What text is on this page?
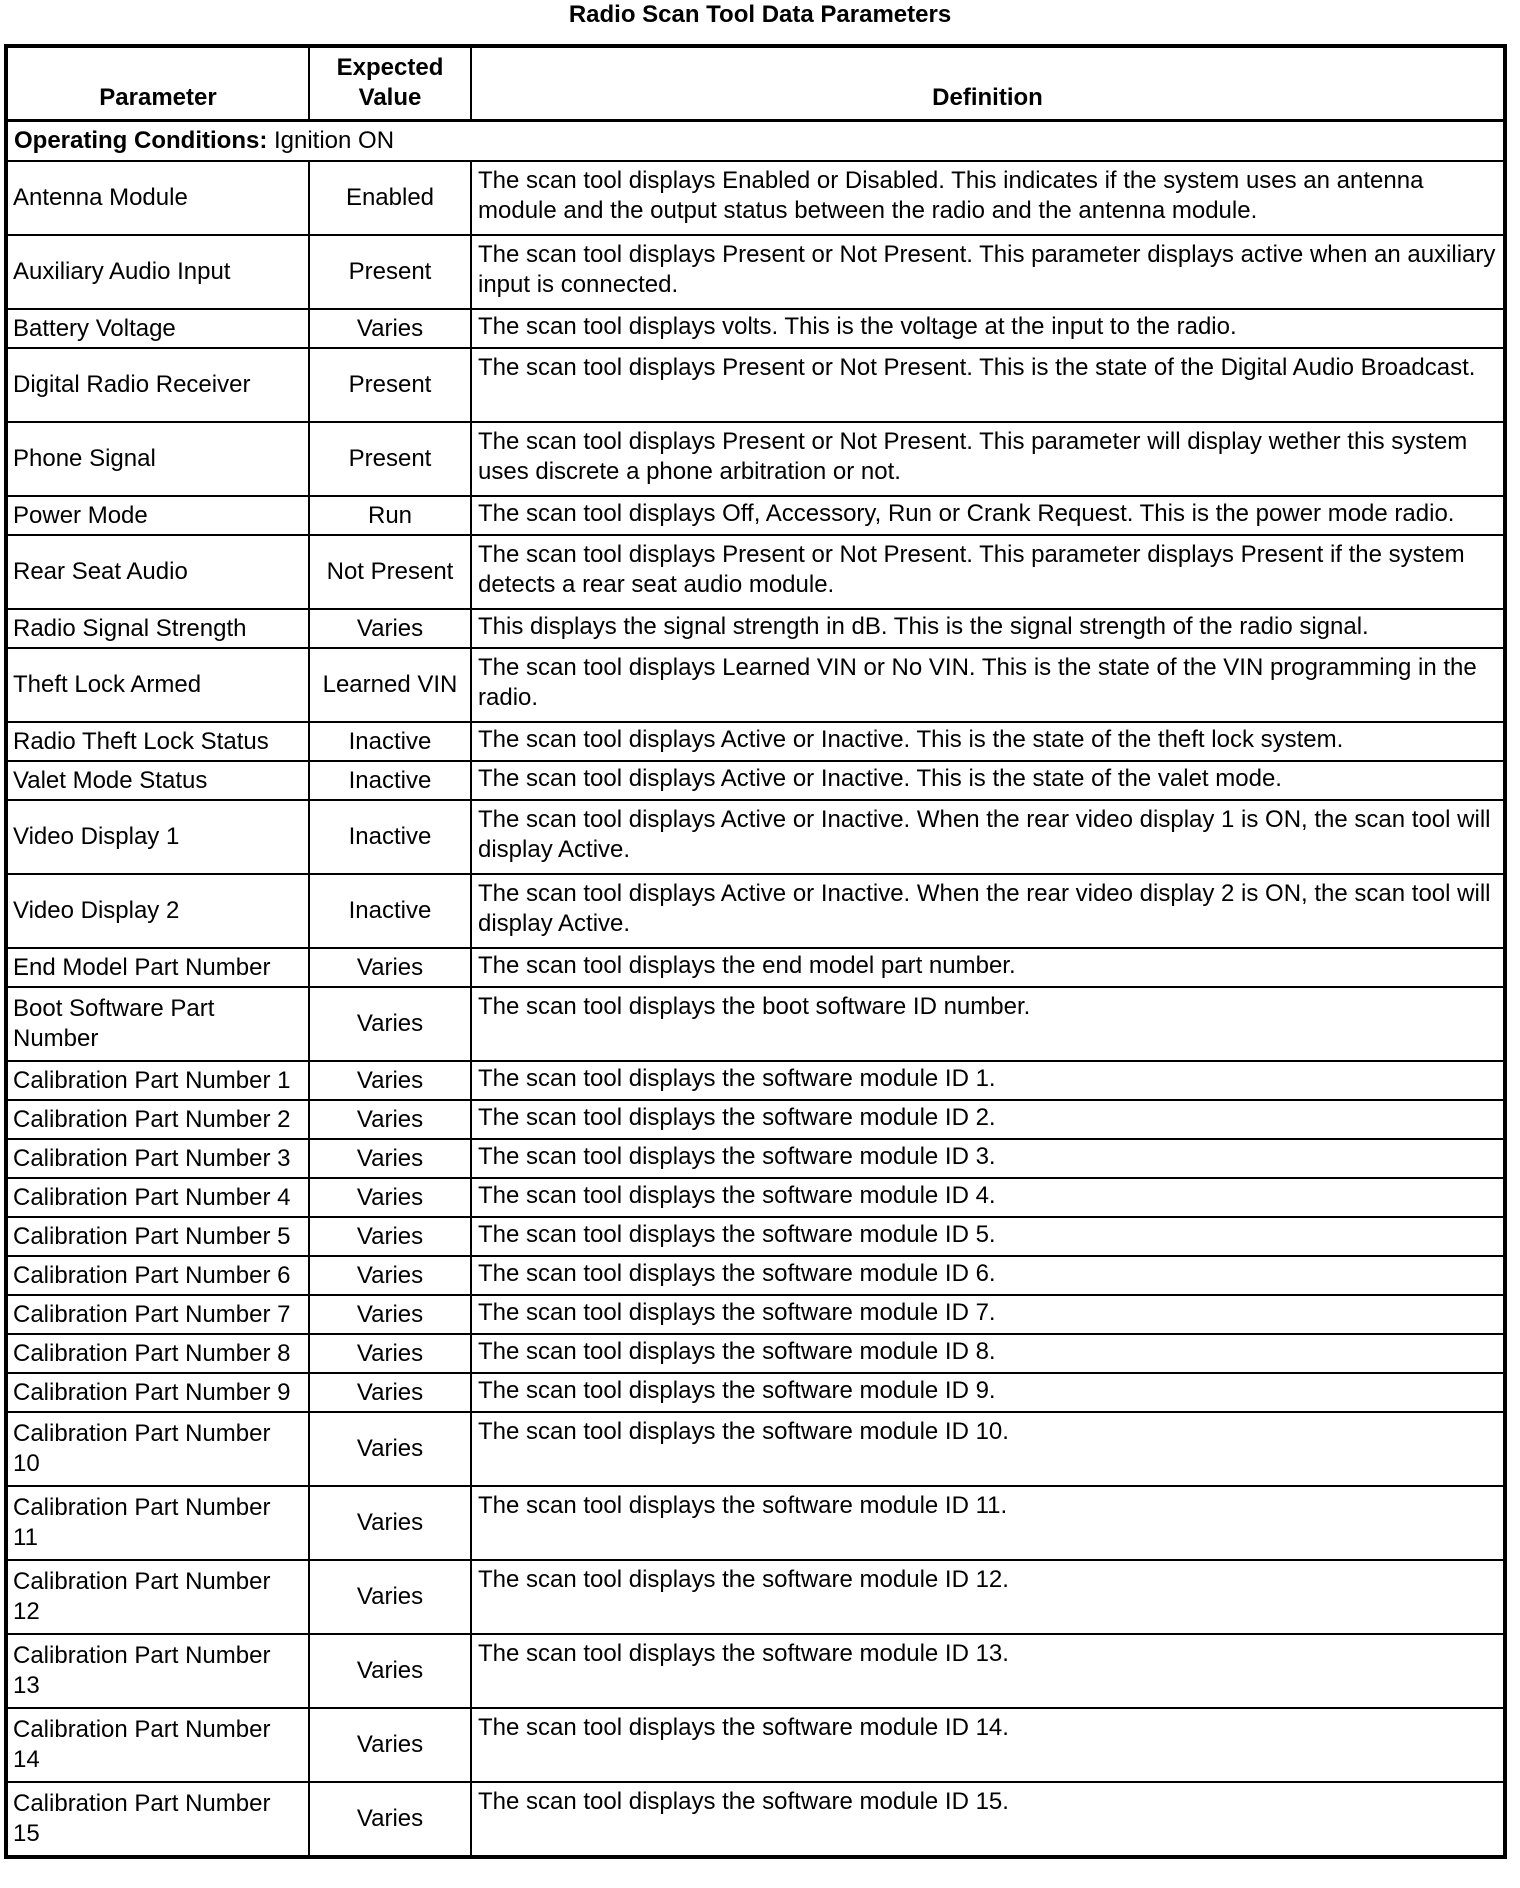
Radio Scan Tool Data Parameters
Parameter	Expected Value	Definition
Operating Conditions: Ignition ON		
Antenna Module	Enabled	The scan tool displays Enabled or Disabled. This indicates if the system uses an antenna module and the output status between the radio and the antenna module.
Auxiliary Audio Input	Present	The scan tool displays Present or Not Present. This parameter displays active when an auxiliary input is connected.
Battery Voltage	Varies	The scan tool displays volts. This is the voltage at the input to the radio.
Digital Radio Receiver	Present	The scan tool displays Present or Not Present. This is the state of the Digital Audio Broadcast.
Phone Signal	Present	The scan tool displays Present or Not Present. This parameter will display wether this system uses discrete a phone arbitration or not.
Power Mode	Run	The scan tool displays Off, Accessory, Run or Crank Request. This is the power mode radio.
Rear Seat Audio	Not Present	The scan tool displays Present or Not Present. This parameter displays Present if the system detects a rear seat audio module.
Radio Signal Strength	Varies	This displays the signal strength in dB. This is the signal strength of the radio signal.
Theft Lock Armed	Learned VIN	The scan tool displays Learned VIN or No VIN. This is the state of the VIN programming in the radio.
Radio Theft Lock Status	Inactive	The scan tool displays Active or Inactive. This is the state of the theft lock system.
Valet Mode Status	Inactive	The scan tool displays Active or Inactive. This is the state of the valet mode.
Video Display 1	Inactive	The scan tool displays Active or Inactive. When the rear video display 1 is ON, the scan tool will display Active.
Video Display 2	Inactive	The scan tool displays Active or Inactive. When the rear video display 2 is ON, the scan tool will display Active.
End Model Part Number	Varies	The scan tool displays the end model part number.
Boot Software Part Number	Varies	The scan tool displays the boot software ID number.
Calibration Part Number 1	Varies	The scan tool displays the software module ID 1.
Calibration Part Number 2	Varies	The scan tool displays the software module ID 2.
Calibration Part Number 3	Varies	The scan tool displays the software module ID 3.
Calibration Part Number 4	Varies	The scan tool displays the software module ID 4.
Calibration Part Number 5	Varies	The scan tool displays the software module ID 5.
Calibration Part Number 6	Varies	The scan tool displays the software module ID 6.
Calibration Part Number 7	Varies	The scan tool displays the software module ID 7.
Calibration Part Number 8	Varies	The scan tool displays the software module ID 8.
Calibration Part Number 9	Varies	The scan tool displays the software module ID 9.
Calibration Part Number 10	Varies	The scan tool displays the software module ID 10.
Calibration Part Number 11	Varies	The scan tool displays the software module ID 11.
Calibration Part Number 12	Varies	The scan tool displays the software module ID 12.
Calibration Part Number 13	Varies	The scan tool displays the software module ID 13.
Calibration Part Number 14	Varies	The scan tool displays the software module ID 14.
Calibration Part Number 15	Varies	The scan tool displays the software module ID 15.
